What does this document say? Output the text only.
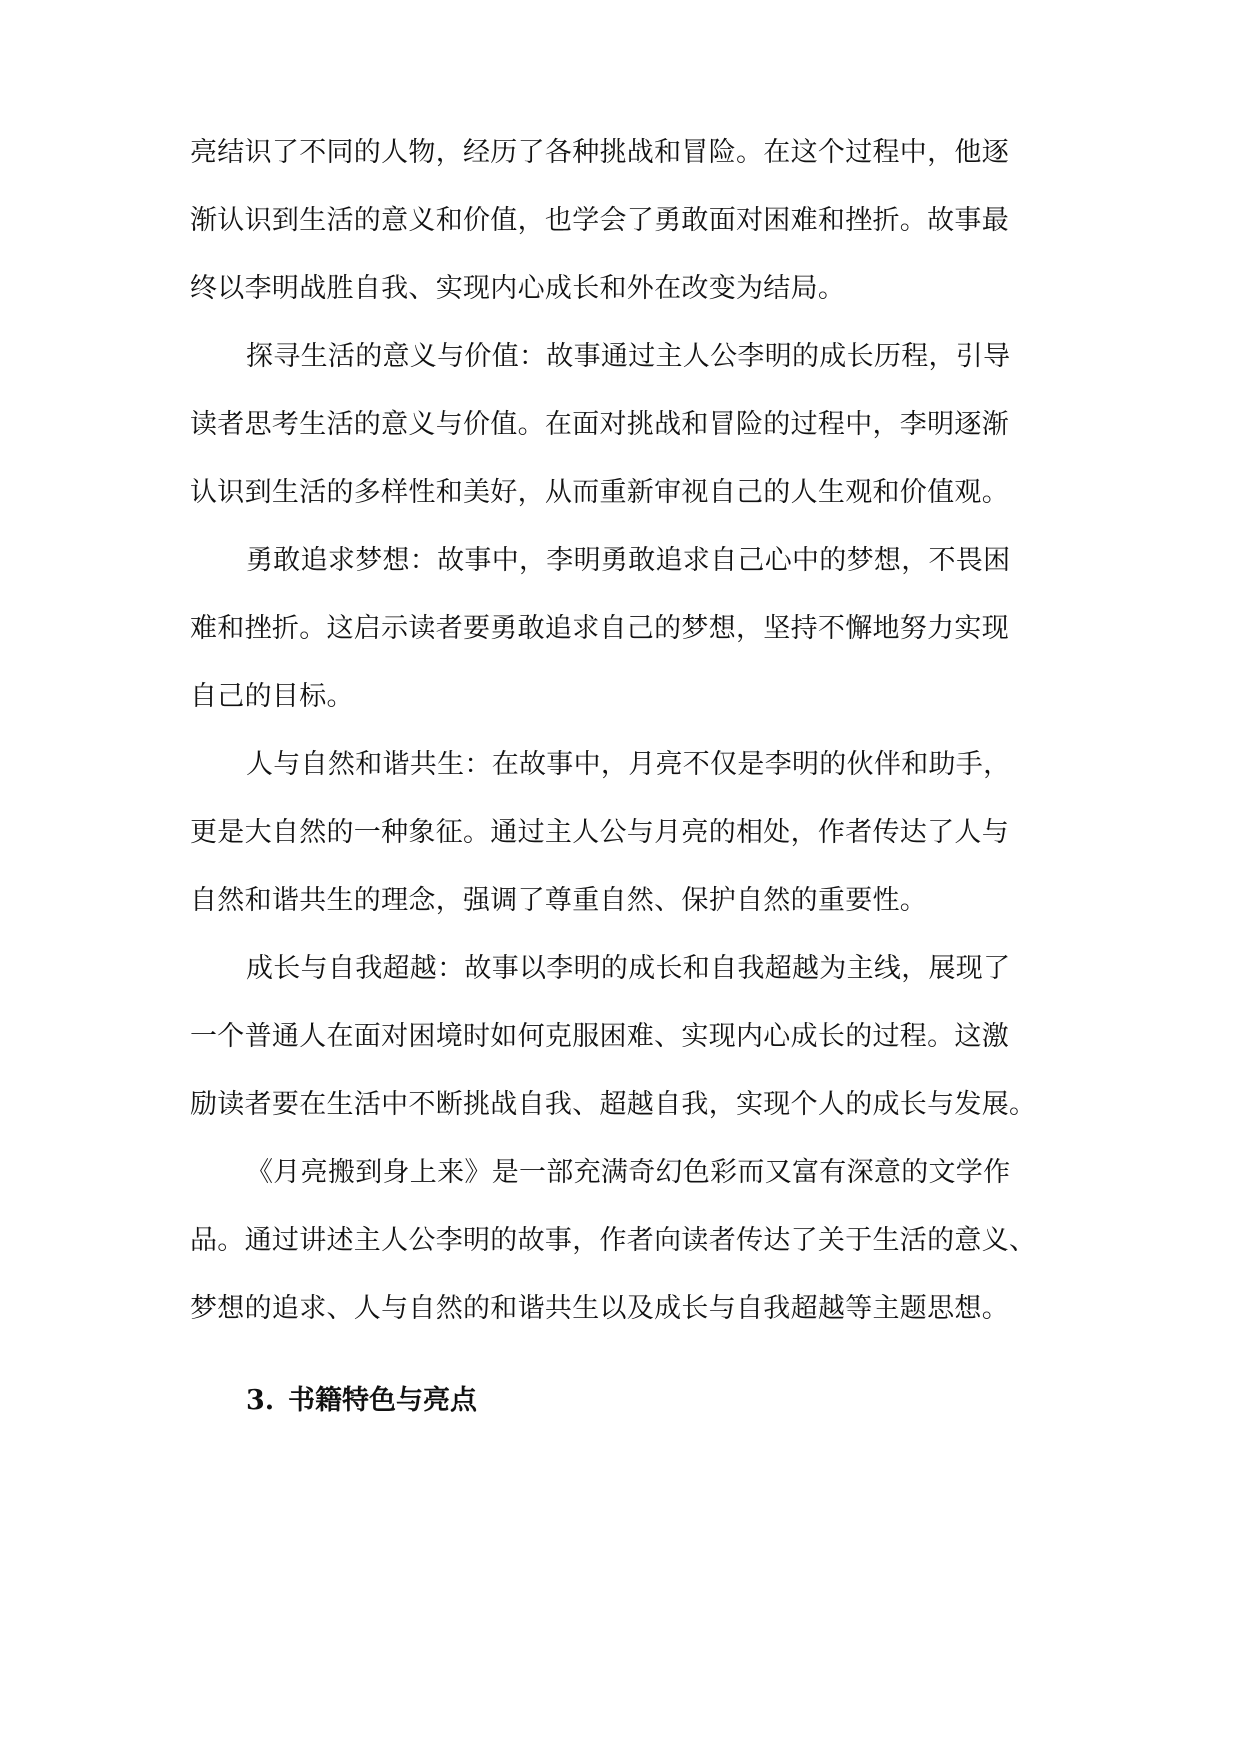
亮结识了不同的人物，经历了各种挑战和冒险。在这个过程中，他逐
渐认识到生活的意义和价值，也学会了勇敢面对困难和挫折。故事最
终以李明战胜自我、实现内心成长和外在改变为结局。
探寻生活的意义与价值：故事通过主人公李明的成长历程，引导
读者思考生活的意义与价值。在面对挑战和冒险的过程中，李明逐渐
认识到生活的多样性和美好，从而重新审视自己的人生观和价值观。
勇敢追求梦想：故事中，李明勇敢追求自己心中的梦想，不畏困
难和挫折。这启示读者要勇敢追求自己的梦想，坚持不懈地努力实现
自己的目标。
人与自然和谐共生：在故事中，月亮不仅是李明的伙伴和助手，
更是大自然的一种象征。通过主人公与月亮的相处，作者传达了人与
自然和谐共生的理念，强调了尊重自然、保护自然的重要性。
成长与自我超越：故事以李明的成长和自我超越为主线，展现了
一个普通人在面对困境时如何克服困难、实现内心成长的过程。这激
励读者要在生活中不断挑战自我、超越自我，实现个人的成长与发展。
《月亮搬到身上来》是一部充满奇幻色彩而又富有深意的文学作
品。通过讲述主人公李明的故事，作者向读者传达了关于生活的意义、
梦想的追求、人与自然的和谐共生以及成长与自我超越等主题思想。
3. 书籍特色与亮点
